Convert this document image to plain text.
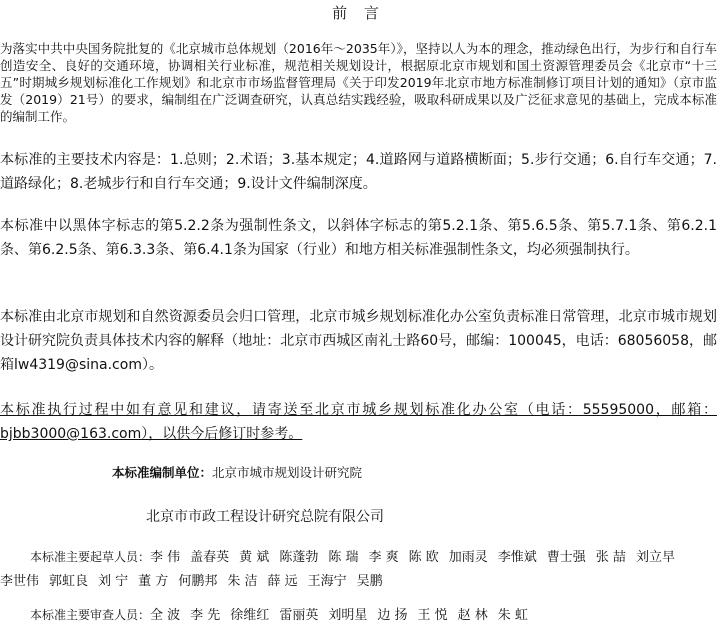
前 言
为落实中共中央国务院批复的《北京城市总体规划（2016年～2035年）》，坚持以人为本的理念，推动绿色出行，为步行和自行车创造安全、良好的交通环境，协调相关行业标准，规范相关规划设计，根据原北京市规划和国土资源管理委员会《北京市“十三五”时期城乡规划标准化工作规划》和北京市市场监督管理局《关于印发2019年北京市地方标准制修订项目计划的通知》（京市监发（2019）21号）的要求，编制组在广泛调查研究，认真总结实践经验，吸取科研成果以及广泛征求意见的基础上，完成本标准的编制工作。
本标准的主要技术内容是：1.总则；2.术语；3.基本规定；4.道路网与道路横断面；5.步行交通；6.自行车交通；7.道路绿化；8.老城步行和自行车交通；9.设计文件编制深度。
本标准中以黑体字标志的第5.2.2条为强制性条文，以斜体字标志的第5.2.1条、第5.6.5条、第5.7.1条、第6.2.1条、第6.2.5条、第6.3.3条、第6.4.1条为国家（行业）和地方相关标准强制性条文，均必须强制执行。
本标准由北京市规划和自然资源委员会归口管理，北京市城乡规划标准化办公室负责标准日常管理，北京市城市规划设计研究院负责具体技术内容的解释（地址：北京市西城区南礼士路60号，邮编：100045，电话：68056058，邮箱lw4319@sina.com）。
本标准执行过程中如有意见和建议，请寄送至北京市城乡规划标准化办公室（电话：55595000，邮箱：bjbb3000@163.com），以供今后修订时参考。
本标准编制单位：北京市城市规划设计研究院
北京市市政工程设计研究总院有限公司
本标准主要起草人员：李 伟 盖春英 黄 斌 陈蓬勃 陈 瑞 李 爽 陈 欧 加雨灵 李惟斌 曹士强 张 喆 刘立早李世伟 郭虹良 刘 宁 董 方 何鹏邦 朱 洁 薛 远 王海宁 吴鹏
本标准主要审查人员：全 波 李 先 徐维红 雷丽英 刘明星 边 扬 王 悦 赵 林 朱 虹
